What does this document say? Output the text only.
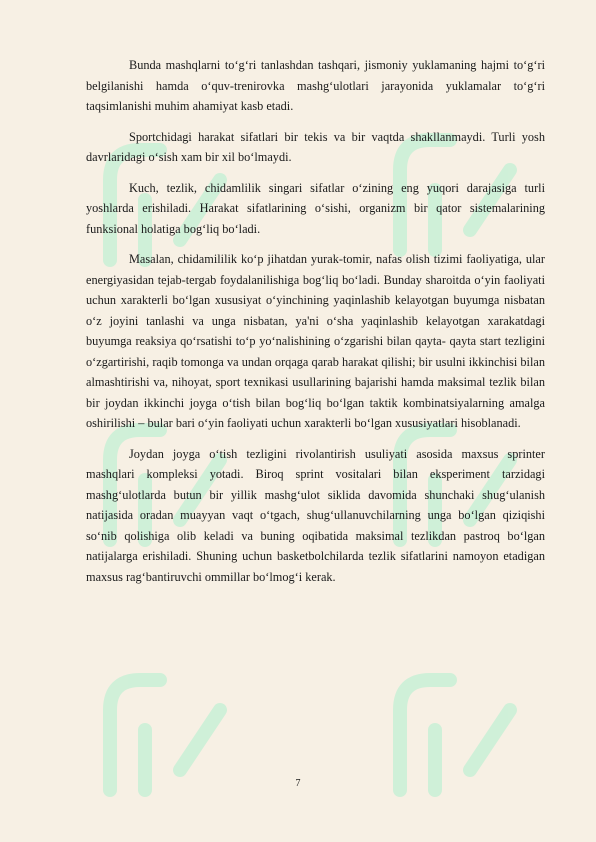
Bunda mashqlarni to‘g‘ri tanlashdan tashqari, jismoniy yuklamaning hajmi to‘g‘ri belgilanishi hamda o‘quv-trenirovka mashg‘ulotlari jarayonida yuklamalar to‘g‘ri taqsimlanishi muhim ahamiyat kasb etadi.

Sportchidagi harakat sifatlari bir tekis va bir vaqtda shakllanmaydi. Turli yosh davrlaridagi o‘sish xam bir xil bo‘lmaydi.

Kuch, tezlik, chidamlilik singari sifatlar o‘zining eng yuqori darajasiga turli yoshlarda erishiladi. Harakat sifatlarining o‘sishi, organizm bir qator sistemalarining funksional holatiga bog‘liq bo‘ladi.

Masalan, chidamililik ko‘p jihatdan yurak-tomir, nafas olish tizimi faoliyatiga, ular energiyasidan tejab-tergab foydalanilishiga bog‘liq bo‘ladi. Bunday sharoitda o‘yin faoliyati uchun xarakterli bo‘lgan xususiyat o‘yinchining yaqinlashib kelayotgan buyumga nisbatan o‘z joyini tanlashi va unga nisbatan, ya'ni o‘sha yaqinlashib kelayotgan xarakatdagi buyumga reaksiya qo‘rsatishi to‘p yo‘nalishining o‘zgarishi bilan qayta- qayta start tezligini o‘zgartirishi, raqib tomonga va undan orqaga qarab harakat qilishi; bir usulni ikkinchisi bilan almashtirishi va, nihoyat, sport texnikasi usullarining bajarishi hamda maksimal tezlik bilan bir joydan ikkinchi joyga o‘tish bilan bog‘liq bo‘lgan taktik kombinatsiyalarning amalga oshirilishi – bular bari o‘yin faoliyati uchun xarakterli bo‘lgan xususiyatlari hisoblanadi.

Joydan joyga o‘tish tezligini rivolantirish usuliyati asosida maxsus sprinter mashqlari kompleksi yotadi. Biroq sprint vositalari bilan eksperiment tarzidagi mashg‘ulotlarda butun bir yillik mashg‘ulot siklida davomida shunchaki shug‘ulanish natijasida oradan muayyan vaqt o‘tgach, shug‘ullanuvchilarning unga bo‘lgan qiziqishi so‘nib qolishiga olib keladi va buning oqibatida maksimal tezlikdan pastroq bo‘lgan natijalarga erishiladi. Shuning uchun basketbolchilarda tezlik sifatlarini namoyon etadigan maxsus rag‘bantiruvchi ommillar bo‘lmog‘i kerak.

7
